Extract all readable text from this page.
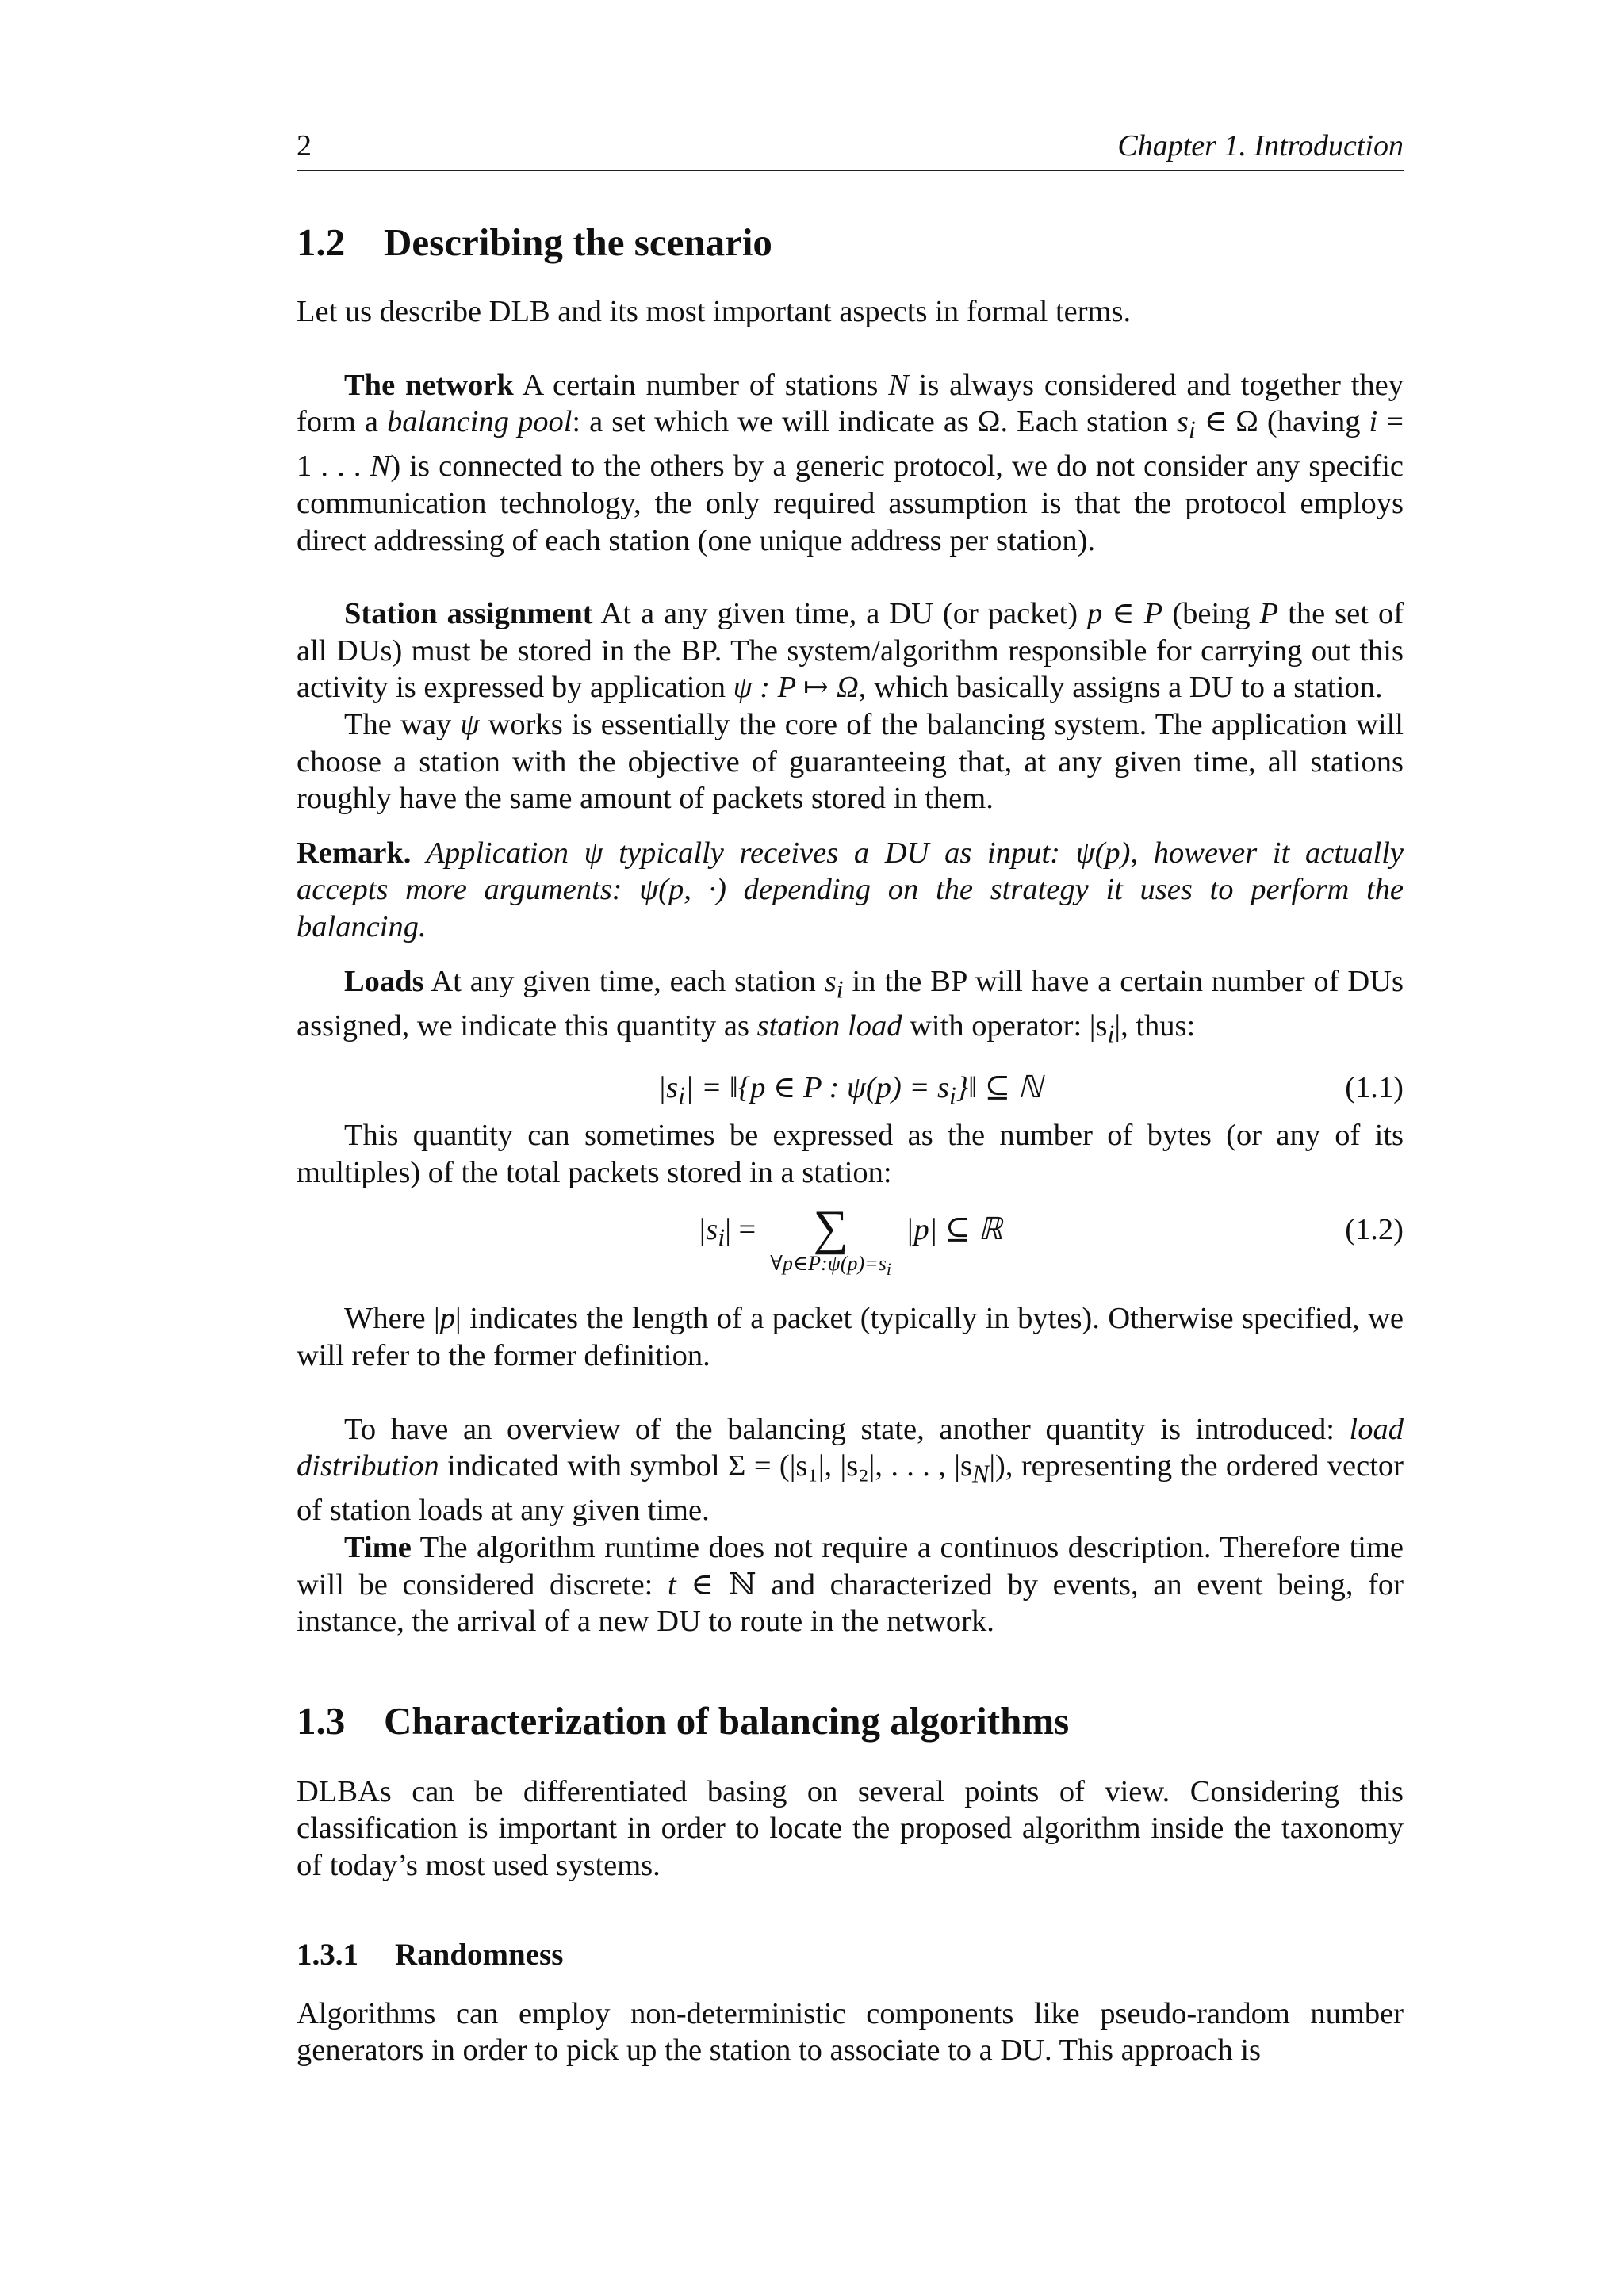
2	Chapter 1. Introduction
1.2 Describing the scenario

Let us describe DLB and its most important aspects in formal terms.

The network A certain number of stations N is always considered and together they form a balancing pool: a set which we will indicate as Ω. Each station $s_i$ ∈ Ω (having i = 1 . . . N) is connected to the others by a generic protocol, we do not consider any specific communication technology, the only required assumption is that the protocol employs direct addressing of each station (one unique address per station).

Station assignment At a any given time, a DU (or packet) p ∈ P (being P the set of all DUs) must be stored in the BP. The system/algorithm responsible for carrying out this activity is expressed by application ψ : P ↦ Ω, which basically assigns a DU to a station.

The way ψ works is essentially the core of the balancing system. The application will choose a station with the objective of guaranteeing that, at any given time, all stations roughly have the same amount of packets stored in them.

Remark. Application ψ typically receives a DU as input: ψ(p), however it actually accepts more arguments: ψ(p, ·) depending on the strategy it uses to perform the balancing.

Loads At any given time, each station $s_i$ in the BP will have a certain number of DUs assigned, we indicate this quantity as station load with operator: $|s_i|$, thus:

$|s_i|$ = ‖{p ∈ P : $\psi(p) = s_i\}‖$ ⊆ ℕ	(1.1)

This quantity can sometimes be expressed as the number of bytes (or any of its multiples) of the total packets stored in a station:

$|s_i|$ = ∑
$\forall p\in P:\psi(p)=s_i$
|p| ⊆ ℝ	(1.2)

Where |p| indicates the length of a packet (typically in bytes). Otherwise specified, we will refer to the former definition.

To have an overview of the balancing state, another quantity is introduced: load distribution indicated with symbol Σ = (|s₁|, |s₂|, . . . , $|s_N|$), representing the ordered vector of station loads at any given time.

Time The algorithm runtime does not require a continuos description. Therefore time will be considered discrete: t ∈ ℕ and characterized by events, an event being, for instance, the arrival of a new DU to route in the network.

1.3 Characterization of balancing algorithms

DLBAs can be differentiated basing on several points of view. Considering this classification is important in order to locate the proposed algorithm inside the taxonomy of today’s most used systems.

1.3.1 Randomness

Algorithms can employ non-deterministic components like pseudo-random number generators in order to pick up the station to associate to a DU. This approach is
